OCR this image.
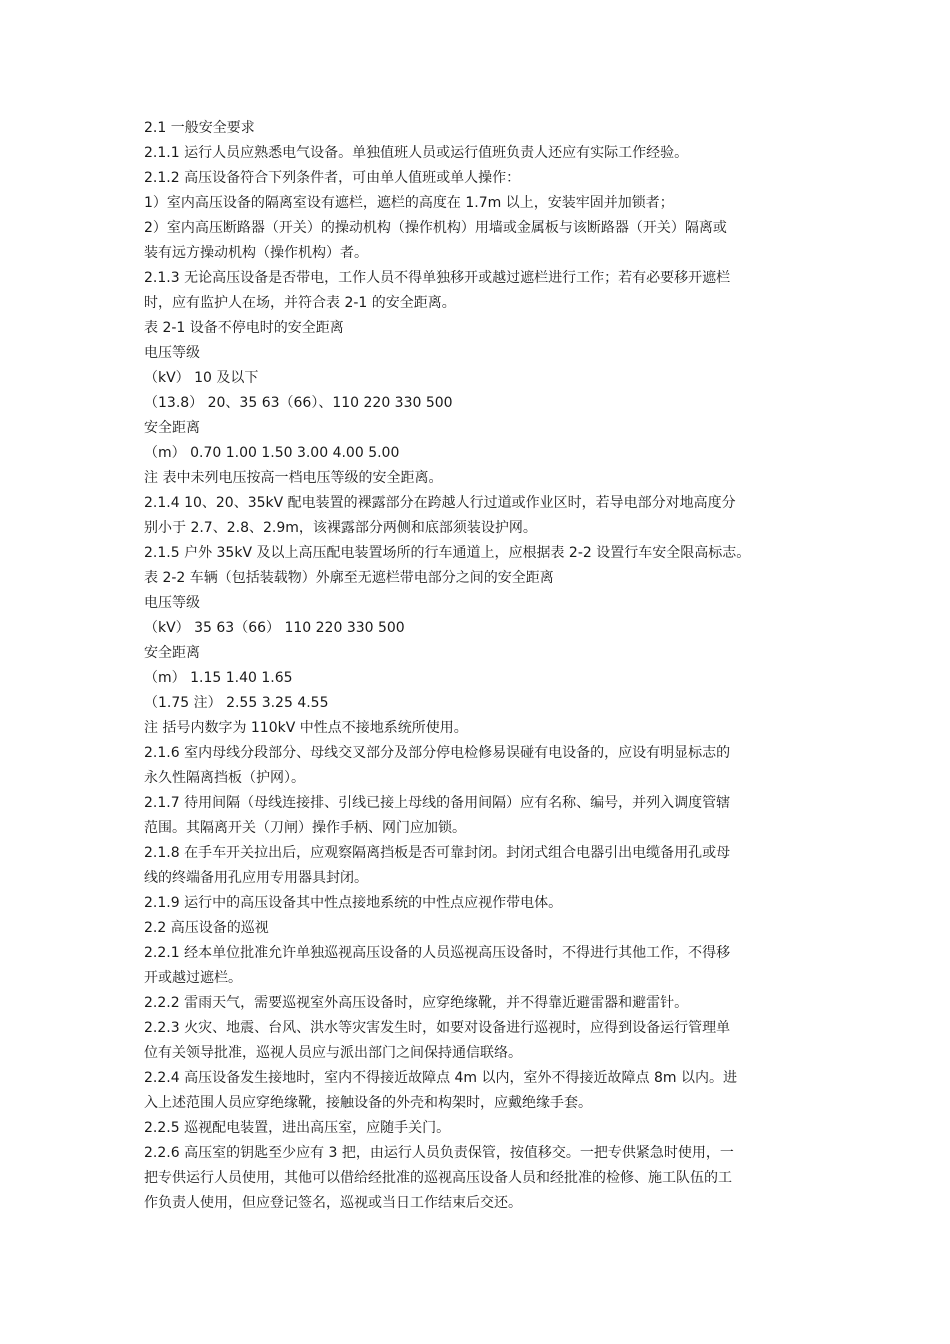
2.1 一般安全要求
2.1.1 运行人员应熟悉电气设备。单独值班人员或运行值班负责人还应有实际工作经验。
2.1.2 高压设备符合下列条件者，可由单人值班或单人操作：
1）室内高压设备的隔离室设有遮栏，遮栏的高度在 1.7m 以上，安装牢固并加锁者；
2）室内高压断路器（开关）的操动机构（操作机构）用墙或金属板与该断路器（开关）隔离或
装有远方操动机构（操作机构）者。
2.1.3 无论高压设备是否带电，工作人员不得单独移开或越过遮栏进行工作；若有必要移开遮栏
时，应有监护人在场，并符合表 2-1 的安全距离。
表 2-1 设备不停电时的安全距离
电压等级
（kV） 10 及以下
（13.8） 20、35 63（66）、110 220 330 500
安全距离
（m） 0.70 1.00 1.50 3.00 4.00 5.00
注 表中未列电压按高一档电压等级的安全距离。
2.1.4 10、20、35kV 配电装置的裸露部分在跨越人行过道或作业区时，若导电部分对地高度分
别小于 2.7、2.8、2.9m，该裸露部分两侧和底部须装设护网。
2.1.5 户外 35kV 及以上高压配电装置场所的行车通道上，应根据表 2-2 设置行车安全限高标志。
表 2-2 车辆（包括装载物）外廓至无遮栏带电部分之间的安全距离
电压等级
（kV） 35 63（66） 110 220 330 500
安全距离
（m） 1.15 1.40 1.65
（1.75 注） 2.55 3.25 4.55
注 括号内数字为 110kV 中性点不接地系统所使用。
2.1.6 室内母线分段部分、母线交叉部分及部分停电检修易误碰有电设备的，应设有明显标志的
永久性隔离挡板（护网）。
2.1.7 待用间隔（母线连接排、引线已接上母线的备用间隔）应有名称、编号，并列入调度管辖
范围。其隔离开关（刀闸）操作手柄、网门应加锁。
2.1.8 在手车开关拉出后，应观察隔离挡板是否可靠封闭。封闭式组合电器引出电缆备用孔或母
线的终端备用孔应用专用器具封闭。
2.1.9 运行中的高压设备其中性点接地系统的中性点应视作带电体。
2.2 高压设备的巡视
2.2.1 经本单位批准允许单独巡视高压设备的人员巡视高压设备时，不得进行其他工作，不得移
开或越过遮栏。
2.2.2 雷雨天气，需要巡视室外高压设备时，应穿绝缘靴，并不得靠近避雷器和避雷针。
2.2.3 火灾、地震、台风、洪水等灾害发生时，如要对设备进行巡视时，应得到设备运行管理单
位有关领导批准，巡视人员应与派出部门之间保持通信联络。
2.2.4 高压设备发生接地时，室内不得接近故障点 4m 以内，室外不得接近故障点 8m 以内。进
入上述范围人员应穿绝缘靴，接触设备的外壳和构架时，应戴绝缘手套。
2.2.5 巡视配电装置，进出高压室，应随手关门。
2.2.6 高压室的钥匙至少应有 3 把，由运行人员负责保管，按值移交。一把专供紧急时使用，一
把专供运行人员使用，其他可以借给经批准的巡视高压设备人员和经批准的检修、施工队伍的工
作负责人使用，但应登记签名，巡视或当日工作结束后交还。
